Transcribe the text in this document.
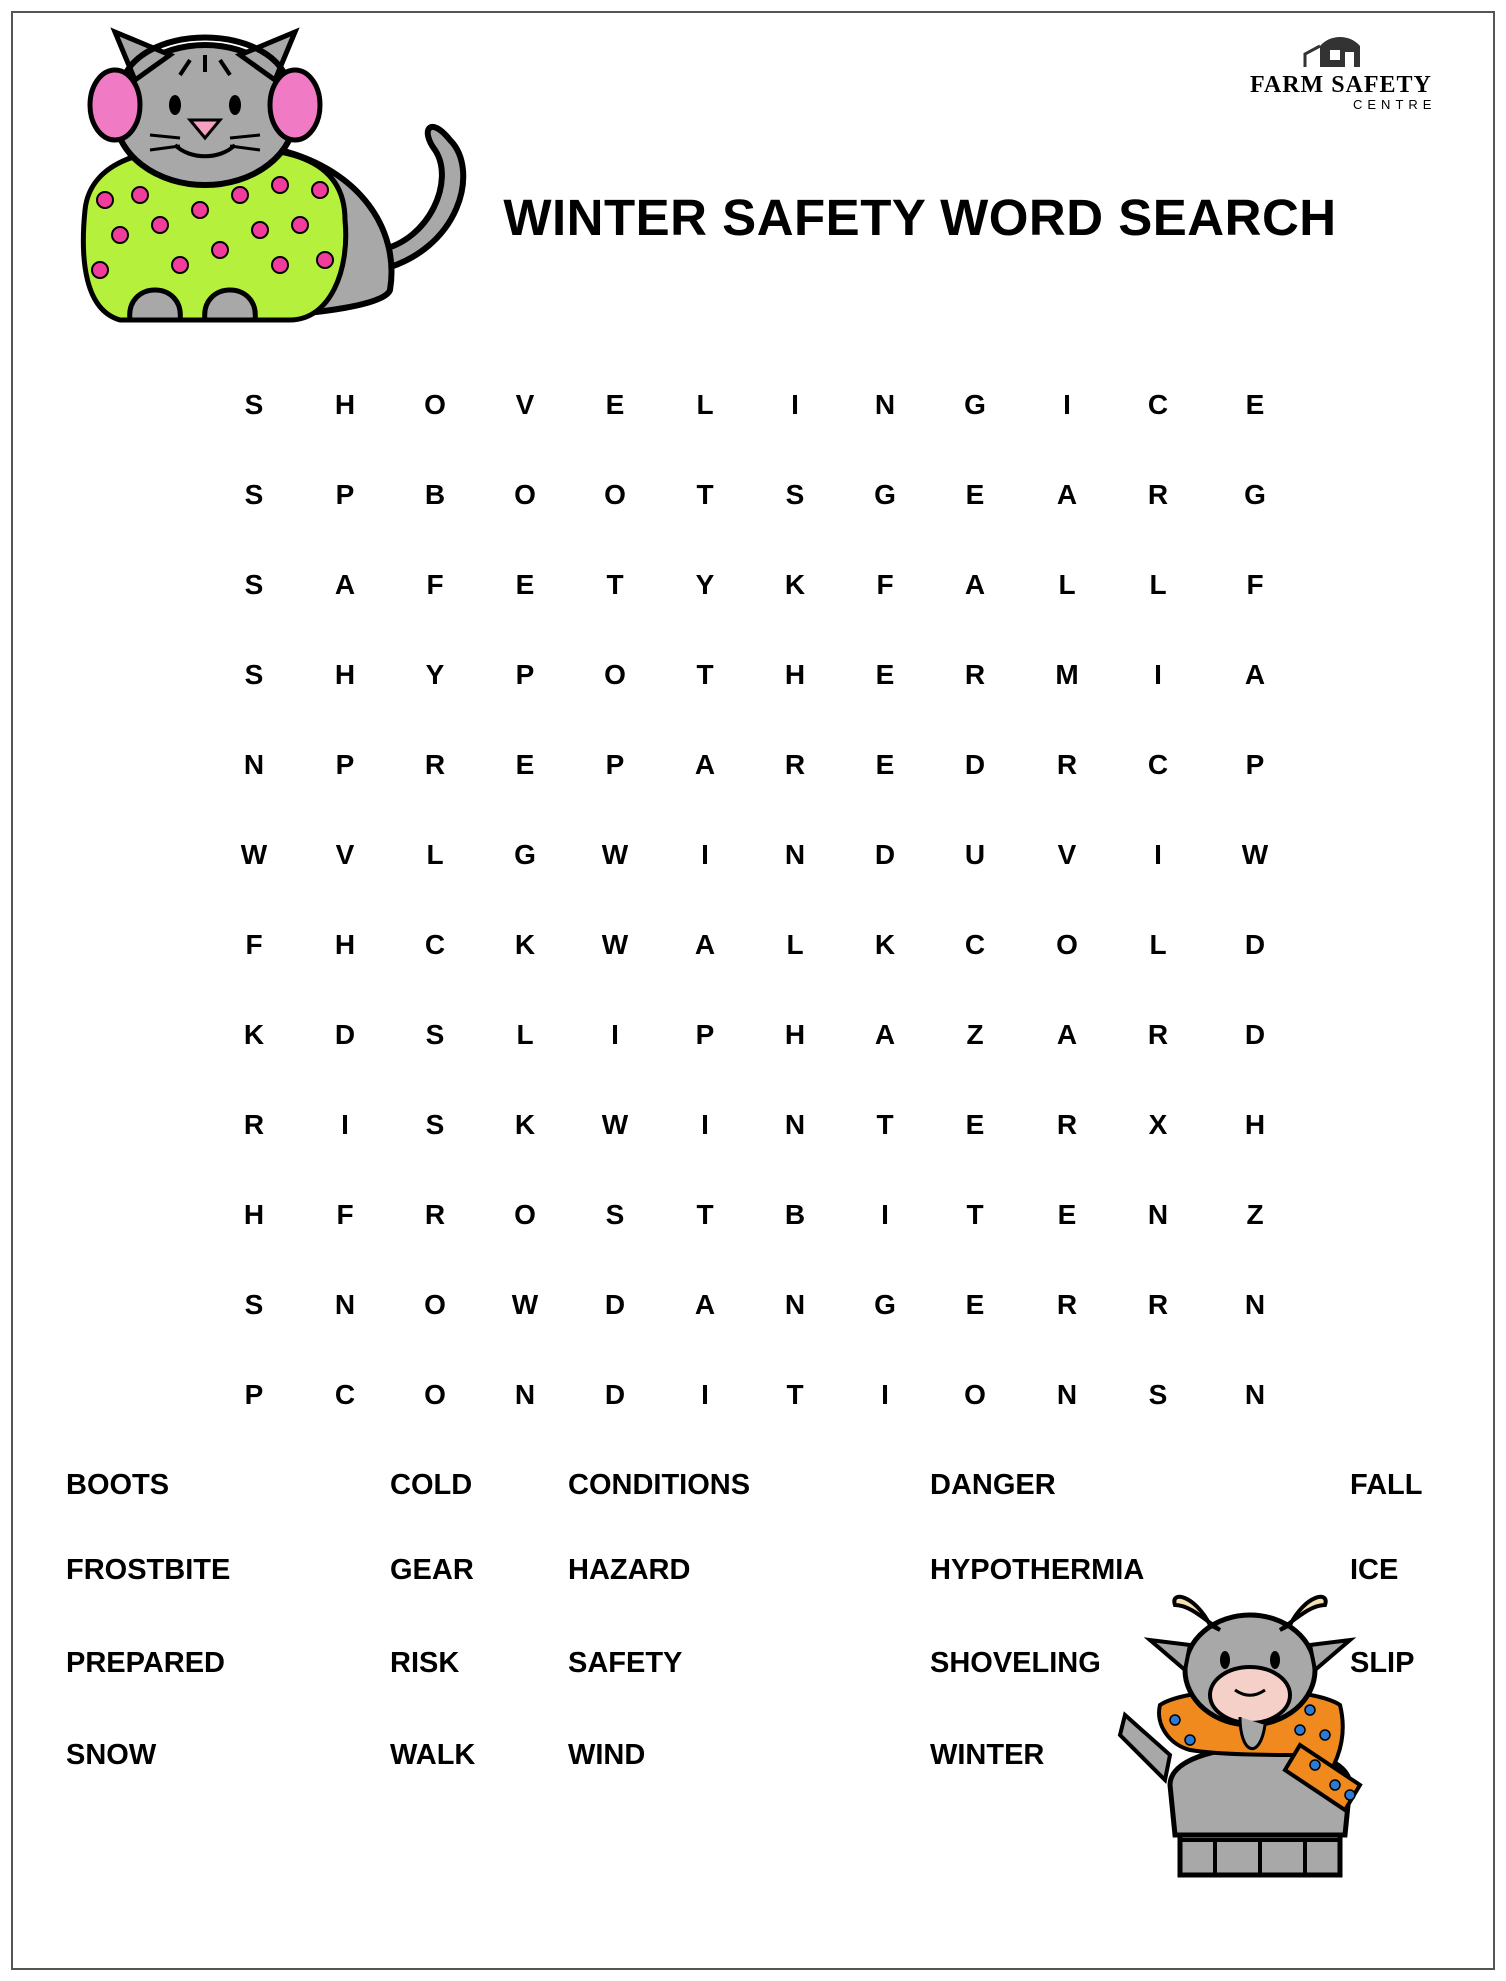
FARM SAFETY
CENTRE
WINTER SAFETY WORD SEARCH
S	H	O	V	E	L	I	N	G	I	C	E
S	P	B	O	O	T	S	G	E	A	R	G
S	A	F	E	T	Y	K	F	A	L	L	F
S	H	Y	P	O	T	H	E	R	M	I	A
N	P	R	E	P	A	R	E	D	R	C	P
W	V	L	G	W	I	N	D	U	V	I	W
F	H	C	K	W	A	L	K	C	O	L	D
K	D	S	L	I	P	H	A	Z	A	R	D
R	I	S	K	W	I	N	T	E	R	X	H
H	F	R	O	S	T	B	I	T	E	N	Z
S	N	O	W	D	A	N	G	E	R	R	N
P	C	O	N	D	I	T	I	O	N	S	N
BOOTS	COLD	CONDITIONS	DANGER	FALL
FROSTBITE	GEAR	HAZARD	HYPOTHERMIA	ICE
PREPARED	RISK	SAFETY	SHOVELING	SLIP
SNOW	WALK	WIND	WINTER
